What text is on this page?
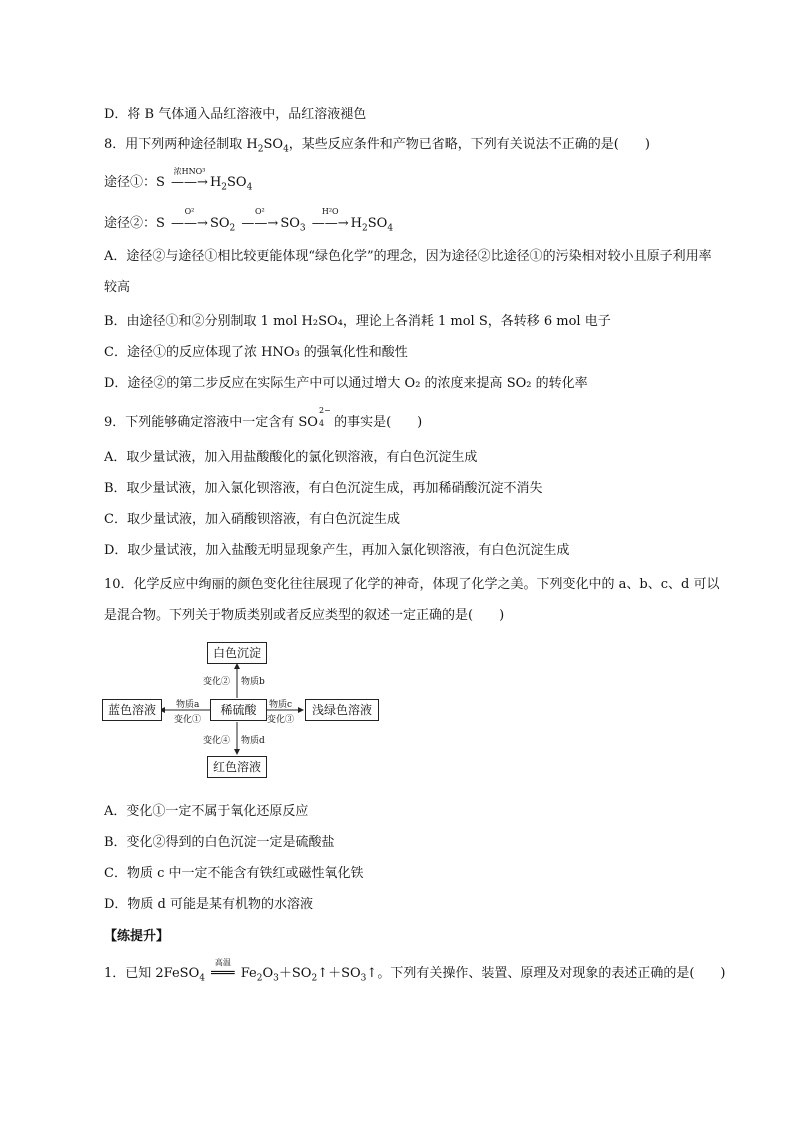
D．将 B 气体通入品红溶液中，品红溶液褪色
8．用下列两种途径制取 $H_2SO_4$，某些反应条件和产物已省略，下列有关说法不正确的是(　　)
途径①：S
浓HNO³
——→ $H_2SO_4$
途径②：S
O²
——→ $SO_2$
O²
——→ $SO_3$
H²O
——→ $H_2SO_4$
A．途径②与途径①相比较更能体现“绿色化学”的理念，因为途径②比途径①的污染相对较小且原子利用率较高
B．由途径①和②分别制取 1 mol H₂SO₄，理论上各消耗 1 mol S，各转移 6 mol 电子
C．途径①的反应体现了浓 HNO₃ 的强氧化性和酸性
D．途径②的第二步反应在实际生产中可以通过增大 O₂ 的浓度来提高 SO₂ 的转化率
9．下列能够确定溶液中一定含有 SO
2−
4 的事实是(　　)
A．取少量试液，加入用盐酸酸化的氯化钡溶液，有白色沉淀生成
B．取少量试液，加入氯化钡溶液，有白色沉淀生成，再加稀硝酸沉淀不消失
C．取少量试液，加入硝酸钡溶液，有白色沉淀生成
D．取少量试液，加入盐酸无明显现象产生，再加入氯化钡溶液，有白色沉淀生成
10．化学反应中绚丽的颜色变化往往展现了化学的神奇，体现了化学之美。下列变化中的 a、b、c、d 可以是混合物。下列关于物质类别或者反应类型的叙述一定正确的是(　　)
白色沉淀
蓝色溶液	稀硫酸	浅绿色溶液
红色溶液
变化② 物质b
物质a
变化①
物质c
变化③
变化④ 物质d
A．变化①一定不属于氧化还原反应
B．变化②得到的白色沉淀一定是硫酸盐
C．物质 c 中一定不能含有铁红或磁性氧化铁
D．物质 d 可能是某有机物的水溶液
【练提升】
1．已知 2FeSO$_4$
高温
═══ $Fe_2O_3+SO_2↑+SO_3↑$。下列有关操作、装置、原理及对现象的表述正确的是(　　)
